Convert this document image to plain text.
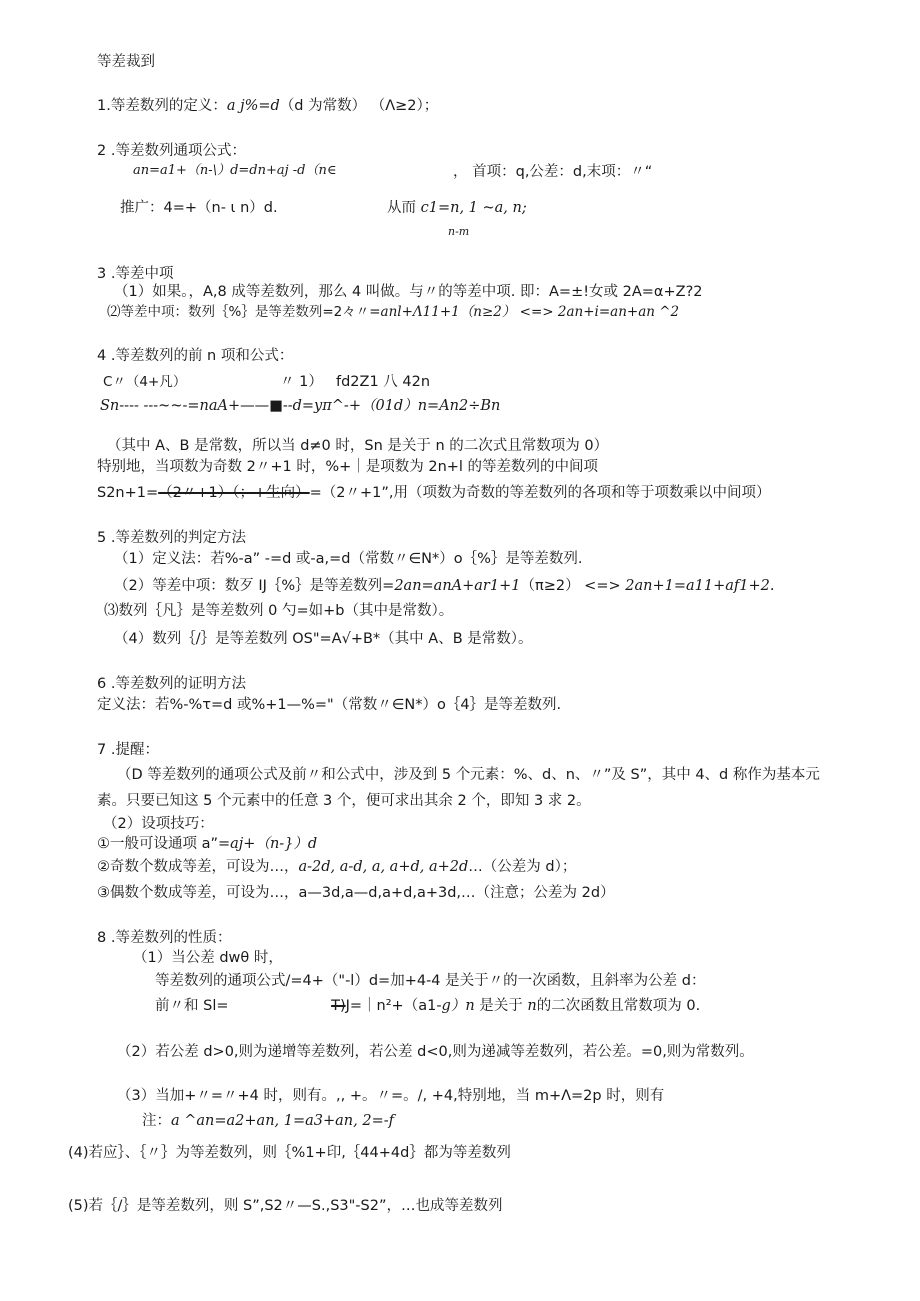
等差裁到
1.等差数列的定义：a j%=d（d 为常数） （Λ≥2）；
2 .等差数列通项公式：
an=a1+（n-\）d=dn+aj -d（n∈	， 首项：q,公差：d,末项：〃“
推广：4=+（n- ι n）d.	从而 c1=n, 1 ~a, n;
n-m
3 .等差中项
（1）如果。，A,8 成等差数列，那么 4 叫做。与〃的等差中项. 即：A=±!女或 2A=α+Z?2
⑵等差中项：数列｛%｝是等差数列=2々〃=anl+Λ11+1（n≥2） <=> 2an+i=an+an ^2
4 .等差数列的前 n 项和公式：
C〃（4+凡）	〃 1） fd2Z1 八 42n
Sn---- ---~~-=naA+——■--d=yπ^-+（01d）n=An2÷Bn
（其中 A、B 是常数，所以当 d≠0 时，Sn 是关于 n 的二次式且常数项为 0）
特别地，当项数为奇数 2〃+1 时，%+｜是项数为 2n+l 的等差数列的中间项
S2n+1=（2〃+1）（；+生向）=（2〃+1”,用（项数为奇数的等差数列的各项和等于项数乘以中间项）
5 .等差数列的判定方法
（1）定义法：若%-a” -=d 或-a,=d（常数〃∈N*）o｛%｝是等差数列.
（2）等差中项：数歹 IJ｛%｝是等差数列=2an=anA+ar1+1（π≥2） <=> 2an+1=a11+af1+2.
⑶数列｛凡｝是等差数列 0 勺=如+b（其中是常数）。
（4）数列｛/｝是等差数列 OS"=A√+B*（其中 A、B 是常数）。
6 .等差数列的证明方法
定义法：若%-%τ=d 或%+1—%="（常数〃∈N*）o｛4｝是等差数列.
7 .提醒：
（D 等差数列的通项公式及前〃和公式中，涉及到 5 个元素：%、d、n、〃”及 S”，其中 4、d 称作为基本元
素。只要已知这 5 个元素中的任意 3 个，便可求出其余 2 个，即知 3 求 2。
（2）设项技巧：
①一般可设通项 a”=aj+（n-}）d
②奇数个数成等差，可设为…，a-2d, a-d, a, a+d, a+2d…（公差为 d）；
③偶数个数成等差，可设为…，a—3d,a—d,a+d,a+3d,…（注意；公差为 2d）
8 .等差数列的性质：
（1）当公差 dwθ 时，
等差数列的通项公式/=4+（"-l）d=加+4-4 是关于〃的一次函数，且斜率为公差 d：
前〃和 Sl=	T)J=｜n²+（a1-g）n 是关于 n的二次函数且常数项为 0.
（2）若公差 d>0,则为递增等差数列，若公差 d<0,则为递减等差数列，若公差。=0,则为常数列。
（3）当加+〃=〃+4 时，则有。,, +。〃=。/, +4,特别地，当 m+Λ=2p 时，则有
注：a ^an=a2+an, 1=a3+an, 2=-f
(4)若应｝、｛〃｝为等差数列，则｛%1+印,｛44+4d｝都为等差数列
(5)若｛/｝是等差数列，则 S”,S2〃—S.,S3"-S2”，…也成等差数列
